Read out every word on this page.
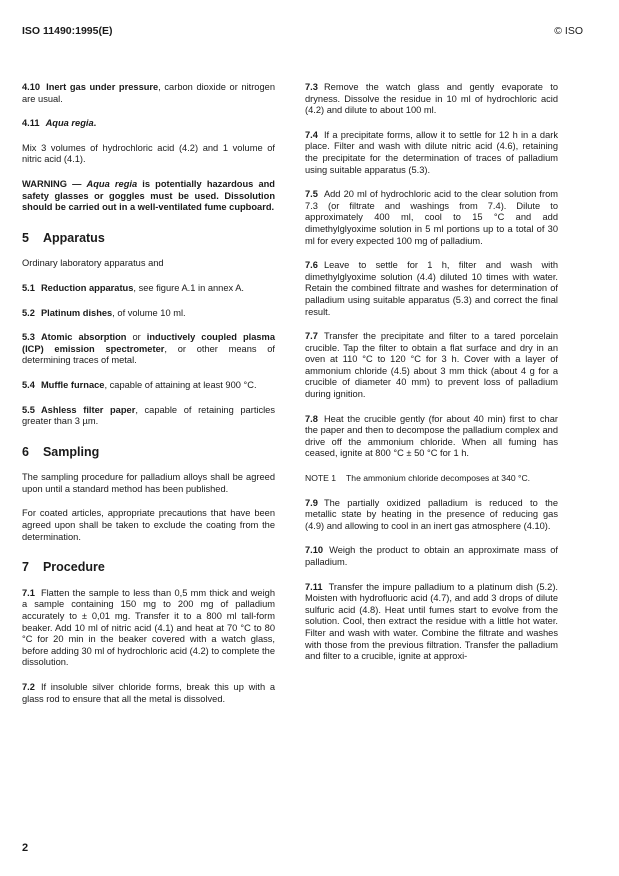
ISO 11490:1995(E)	© ISO

4.10 Inert gas under pressure, carbon dioxide or nitrogen are usual.

4.11 Aqua regia.

Mix 3 volumes of hydrochloric acid (4.2) and 1 volume of nitric acid (4.1).

WARNING — Aqua regia is potentially hazardous and safety glasses or goggles must be used. Dissolution should be carried out in a well-ventilated fume cupboard.

5 Apparatus

Ordinary laboratory apparatus and

5.1 Reduction apparatus, see figure A.1 in annex A.

5.2 Platinum dishes, of volume 10 ml.

5.3 Atomic absorption or inductively coupled plasma (ICP) emission spectrometer, or other means of determining traces of metal.

5.4 Muffle furnace, capable of attaining at least 900 °C.

5.5 Ashless filter paper, capable of retaining particles greater than 3 µm.

6 Sampling

The sampling procedure for palladium alloys shall be agreed upon until a standard method has been published.

For coated articles, appropriate precautions that have been agreed upon shall be taken to exclude the coating from the determination.

7 Procedure

7.1 Flatten the sample to less than 0,5 mm thick and weigh a sample containing 150 mg to 200 mg of palladium accurately to ± 0,01 mg. Transfer it to a 800 ml tall-form beaker. Add 10 ml of nitric acid (4.1) and heat at 70 °C to 80 °C for 20 min in the beaker covered with a watch glass, before adding 30 ml of hydrochloric acid (4.2) to complete the dissolution.

7.2 If insoluble silver chloride forms, break this up with a glass rod to ensure that all the metal is dissolved.

7.3 Remove the watch glass and gently evaporate to dryness. Dissolve the residue in 10 ml of hydrochloric acid (4.2) and dilute to about 100 ml.

7.4 If a precipitate forms, allow it to settle for 12 h in a dark place. Filter and wash with dilute nitric acid (4.6), retaining the precipitate for the determination of traces of palladium using suitable apparatus (5.3).

7.5 Add 20 ml of hydrochloric acid to the clear solution from 7.3 (or filtrate and washings from 7.4). Dilute to approximately 400 ml, cool to 15 °C and add dimethylglyoxime solution in 5 ml portions up to a total of 30 ml for every expected 100 mg of palladium.

7.6 Leave to settle for 1 h, filter and wash with dimethylglyoxime solution (4.4) diluted 10 times with water. Retain the combined filtrate and washes for determination of palladium using suitable apparatus (5.3) and correct the final result.

7.7 Transfer the precipitate and filter to a tared porcelain crucible. Tap the filter to obtain a flat surface and dry in an oven at 110 °C to 120 °C for 3 h. Cover with a layer of ammonium chloride (4.5) about 3 mm thick (about 4 g for a crucible of diameter 40 mm) to prevent loss of palladium during ignition.

7.8 Heat the crucible gently (for about 40 min) first to char the paper and then to decompose the palladium complex and drive off the ammonium chloride. When all fuming has ceased, ignite at 800 °C ± 50 °C for 1 h.

NOTE 1 The ammonium chloride decomposes at 340 °C.

7.9 The partially oxidized palladium is reduced to the metallic state by heating in the presence of reducing gas (4.9) and allowing to cool in an inert gas atmosphere (4.10).

7.10 Weigh the product to obtain an approximate mass of palladium.

7.11 Transfer the impure palladium to a platinum dish (5.2). Moisten with hydrofluoric acid (4.7), and add 3 drops of dilute sulfuric acid (4.8). Heat until fumes start to evolve from the solution. Cool, then extract the residue with a little hot water. Filter and wash with water. Combine the filtrate and washes with those from the previous filtration. Transfer the palladium and filter to a crucible, ignite at approxi-

2
